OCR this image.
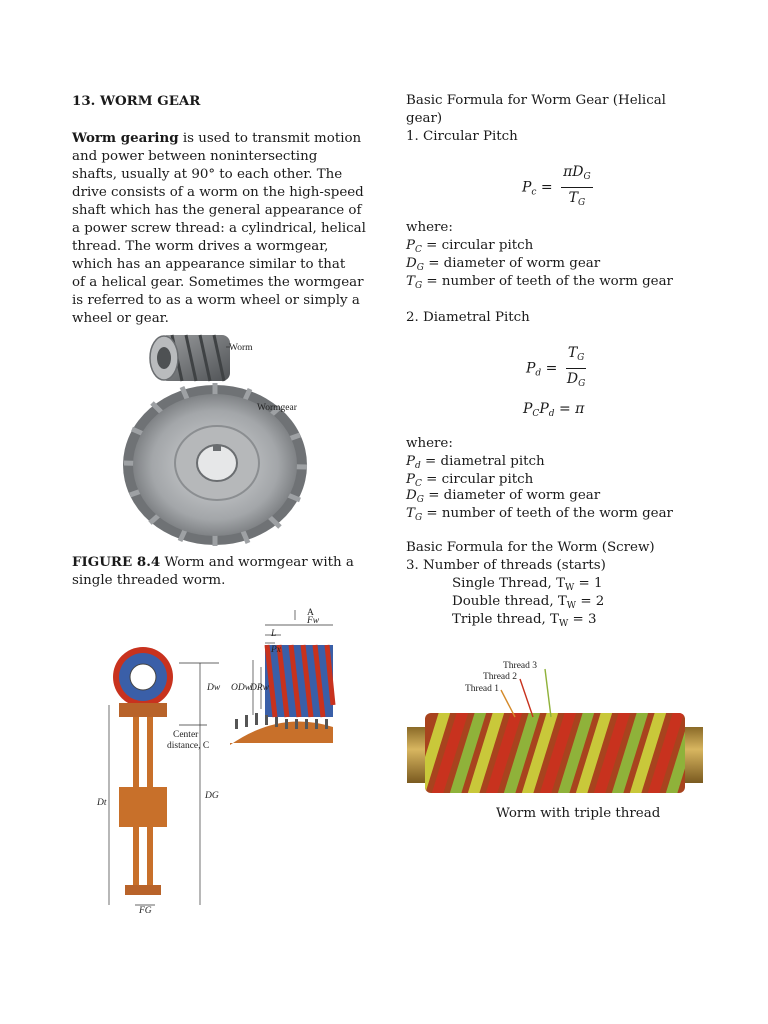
13. WORM GEAR

Worm gearing is used to transmit motion
and power between nonintersecting
shafts, usually at 90° to each other. The
drive consists of a worm on the high-speed
shaft which has the general appearance of
a power screw thread: a cylindrical, helical
thread. The worm drives a wormgear,
which has an appearance similar to that
of a helical gear. Sometimes the wormgear
is referred to as a worm wheel or simply a
wheel or gear.
Worm
Wormgear
FIGURE 8.4 Worm and wormgear with a
single threaded worm.
Dw
Center
distance, C
Dt
DG
FG
A
Fw
L
Px
ODw
DRw
Basic Formula for Worm Gear (Helical
gear)
1. Circular Pitch
$P_c = \frac{\pi D_G}{T_G}$
where:
$P_C$ = circular pitch
$D_G$ = diameter of worm gear
$T_G$ = number of teeth of the worm gear
2. Diametral Pitch
$P_d = \frac{T_G}{D_G}$
$P_CP_d = \pi$
where:
$P_d$ = diametral pitch
$P_C$ = circular pitch
$D_G$ = diameter of worm gear
$T_G$ = number of teeth of the worm gear
Basic Formula for the Worm (Screw)
3. Number of threads (starts)
Single Thread, $T_W = 1$
Double thread, $T_W = 2$
Triple thread, $T_W = 3$
Thread 3
Thread 2
Thread 1
Worm with triple thread
